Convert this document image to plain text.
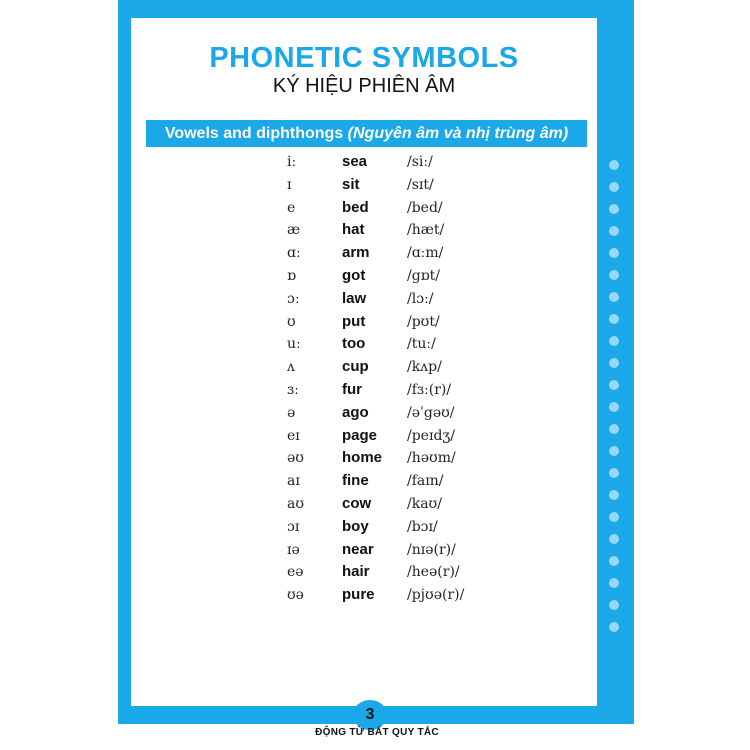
PHONETIC SYMBOLS
KÝ HIỆU PHIÊN ÂM
Vowels and diphthongs (Nguyên âm và nhị trùng âm)
iː	sea	/siː/
ɪ	sit	/sɪt/
e	bed	/bed/
æ	hat	/hæt/
ɑː	arm	/ɑːm/
ɒ	got	/gɒt/
ɔː	law	/lɔː/
ʊ	put	/pʊt/
uː	too	/tuː/
ʌ	cup	/kʌp/
ɜː	fur	/fɜː(r)/
ə	ago	/əˈgəʊ/
eɪ	page /peɪdʒ/
əʊ	home /həʊm/
aɪ	fine	/faɪn/
aʊ	cow	/kaʊ/
ɔɪ	boy	/bɔɪ/
ɪə	near /nɪə(r)/
eə	hair	/heə(r)/
ʊə	pure /pjʊə(r)/
3
ĐỘNG TỪ BẤT QUY TẮC
